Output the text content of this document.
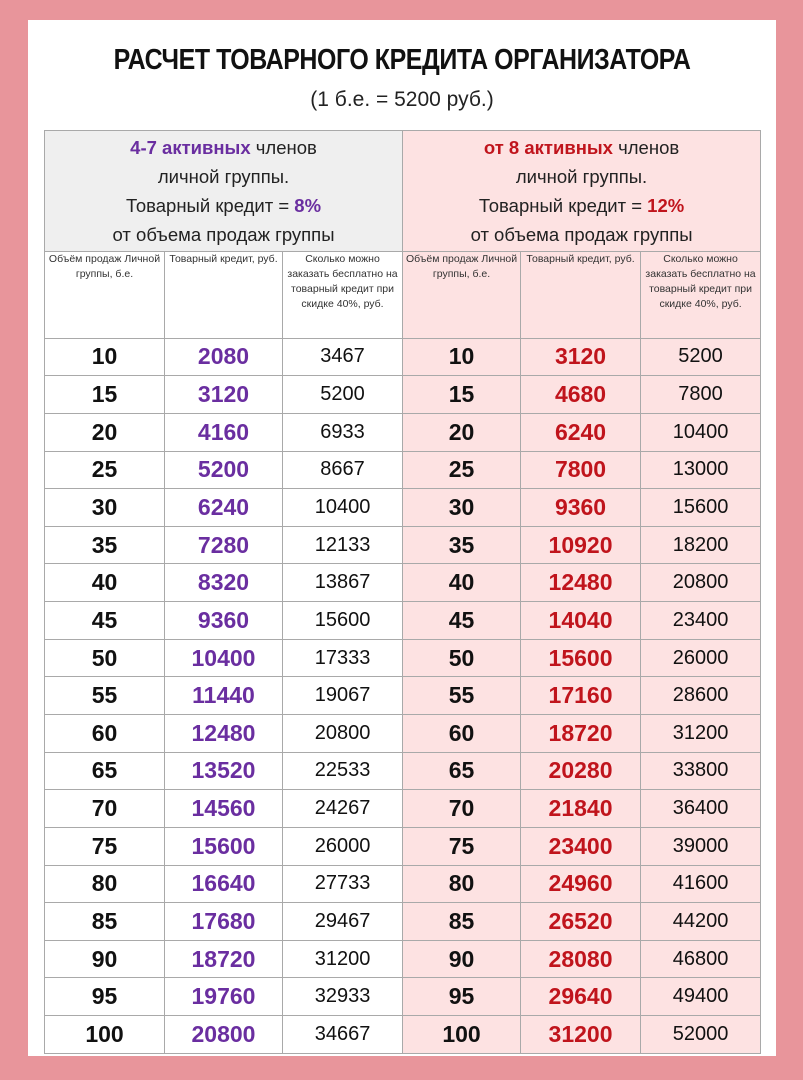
РАСЧЕТ ТОВАРНОГО КРЕДИТА ОРГАНИЗАТОРА
(1 б.е. = 5200 руб.)
4-7 активных членов
личной группы.
Товарный кредит = 8%
от объема продаж группы			от 8 активных членов
личной группы.
Товарный кредит = 12%
от объема продаж группы		
Объём продаж Личной группы, б.е.	Товарный кредит, руб.	Сколько можно заказать бесплатно на товарный кредит при скидке 40%, руб.	Объём продаж Личной группы, б.е.	Товарный кредит, руб.	Сколько можно заказать бесплатно на товарный кредит при скидке 40%, руб.
10	2080	3467	10	3120	5200
15	3120	5200	15	4680	7800
20	4160	6933	20	6240	10400
25	5200	8667	25	7800	13000
30	6240	10400	30	9360	15600
35	7280	12133	35	10920	18200
40	8320	13867	40	12480	20800
45	9360	15600	45	14040	23400
50	10400	17333	50	15600	26000
55	11440	19067	55	17160	28600
60	12480	20800	60	18720	31200
65	13520	22533	65	20280	33800
70	14560	24267	70	21840	36400
75	15600	26000	75	23400	39000
80	16640	27733	80	24960	41600
85	17680	29467	85	26520	44200
90	18720	31200	90	28080	46800
95	19760	32933	95	29640	49400
100	20800	34667	100	31200	52000
